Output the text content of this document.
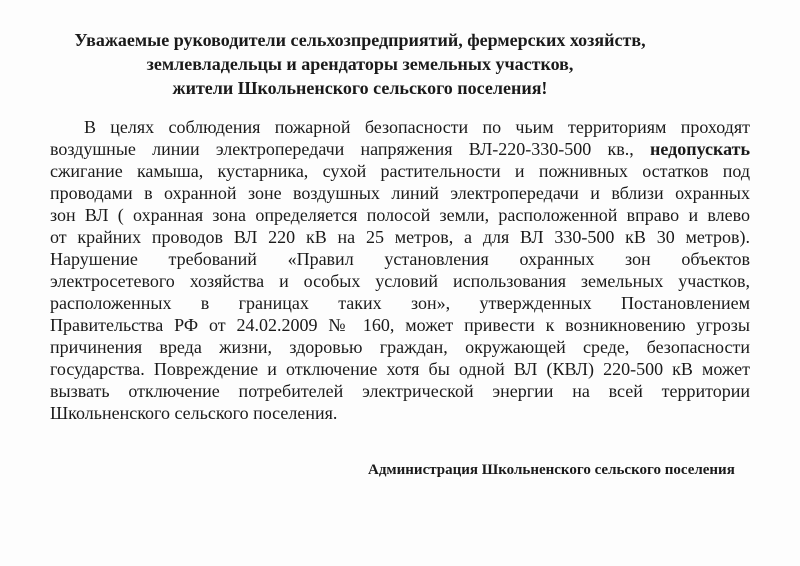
Уважаемые руководители сельхозпредприятий, фермерских хозяйств,
землевладельцы и арендаторы земельных участков,
жители Школьненского сельского поселения!
В целях соблюдения пожарной безопасности по чьим территориям проходят
воздушные линии электропередачи напряжения ВЛ-220-330-500 кв., недопускать
сжигание камыша, кустарника, сухой растительности и пожнивных остатков под
проводами в охранной зоне воздушных линий электропередачи и вблизи охранных
зон ВЛ ( охранная зона определяется полосой земли, расположенной вправо и влево
от крайних проводов ВЛ 220 кВ на 25 метров, а для ВЛ 330-500 кВ 30 метров).
Нарушение требований «Правил установления охранных зон объектов
электросетевого хозяйства и особых условий использования земельных участков,
расположенных в границах таких зон», утвержденных Постановлением
Правительства РФ от 24.02.2009 № 160, может привести к возникновению угрозы
причинения вреда жизни, здоровью граждан, окружающей среде, безопасности
государства. Повреждение и отключение хотя бы одной ВЛ (КВЛ) 220-500 кВ может
вызвать отключение потребителей электрической энергии на всей территории
Школьненского сельского поселения.
Администрация Школьненского сельского поселения
